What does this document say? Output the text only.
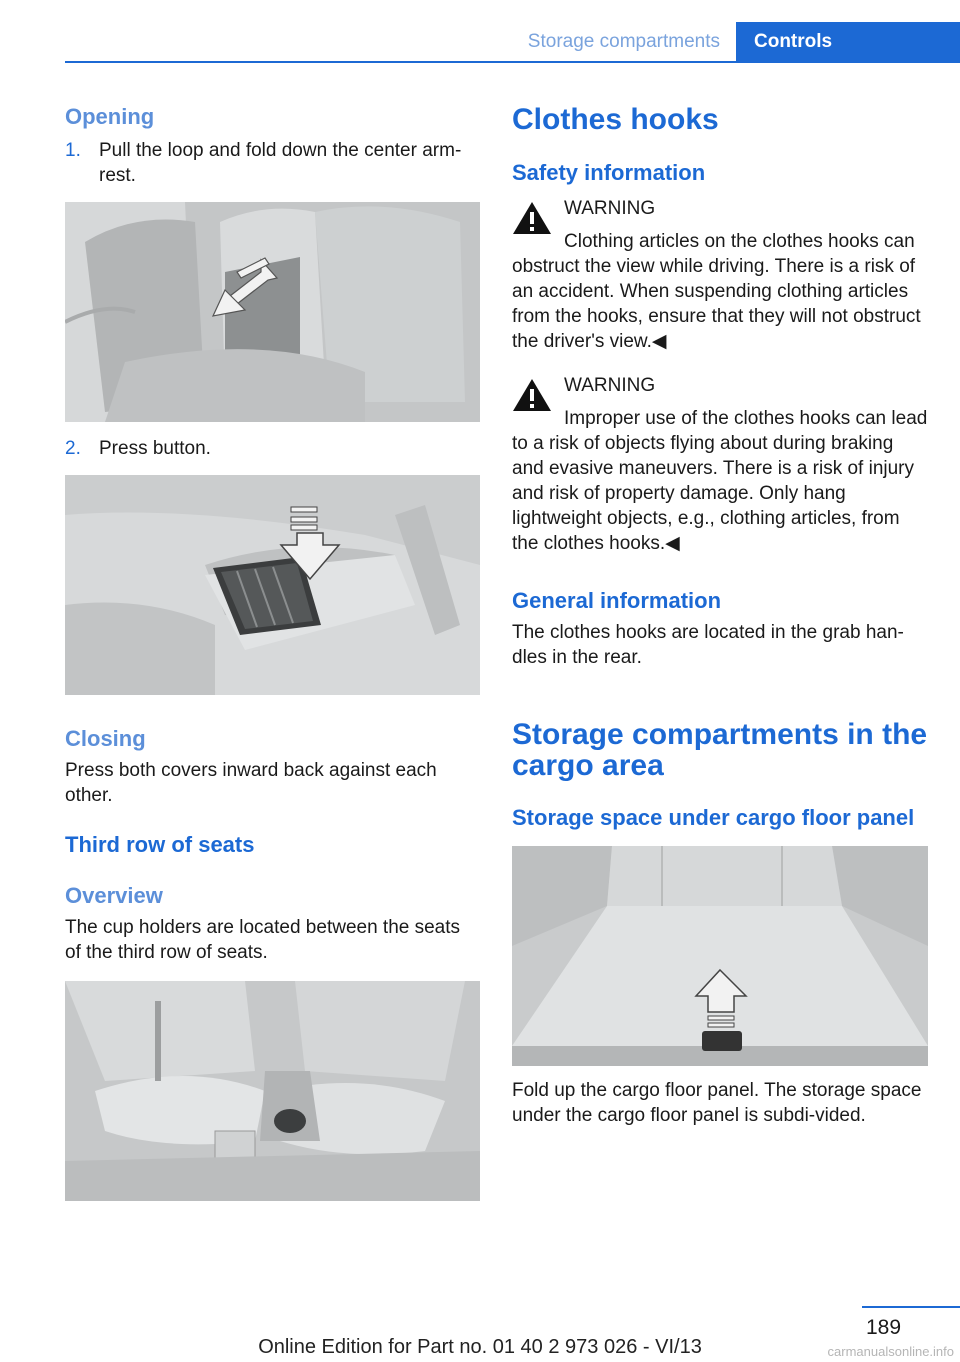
Storage compartments	Controls
Opening
1. Pull the loop and fold down the center arm‐rest.
2. Press button.
Closing
Press both covers inward back against each other.
Third row of seats
Overview
The cup holders are located between the seats of the third row of seats.
Clothes hooks
Safety information
WARNING
Clothing articles on the clothes hooks can obstruct the view while driving. There is a risk of an accident. When suspending clothing articles from the hooks, ensure that they will not obstruct the driver's view.◀
WARNING
Improper use of the clothes hooks can lead to a risk of objects flying about during braking and evasive maneuvers. There is a risk of injury and risk of property damage. Only hang lightweight objects, e.g., clothing articles, from the clothes hooks.◀
General information
The clothes hooks are located in the grab han‐dles in the rear.
Storage compartments in the cargo area
Storage space under cargo floor panel
Fold up the cargo floor panel. The storage space under the cargo floor panel is subdi‐vided.
189
Online Edition for Part no. 01 40 2 973 026 - VI/13	carmanualsonline.info
